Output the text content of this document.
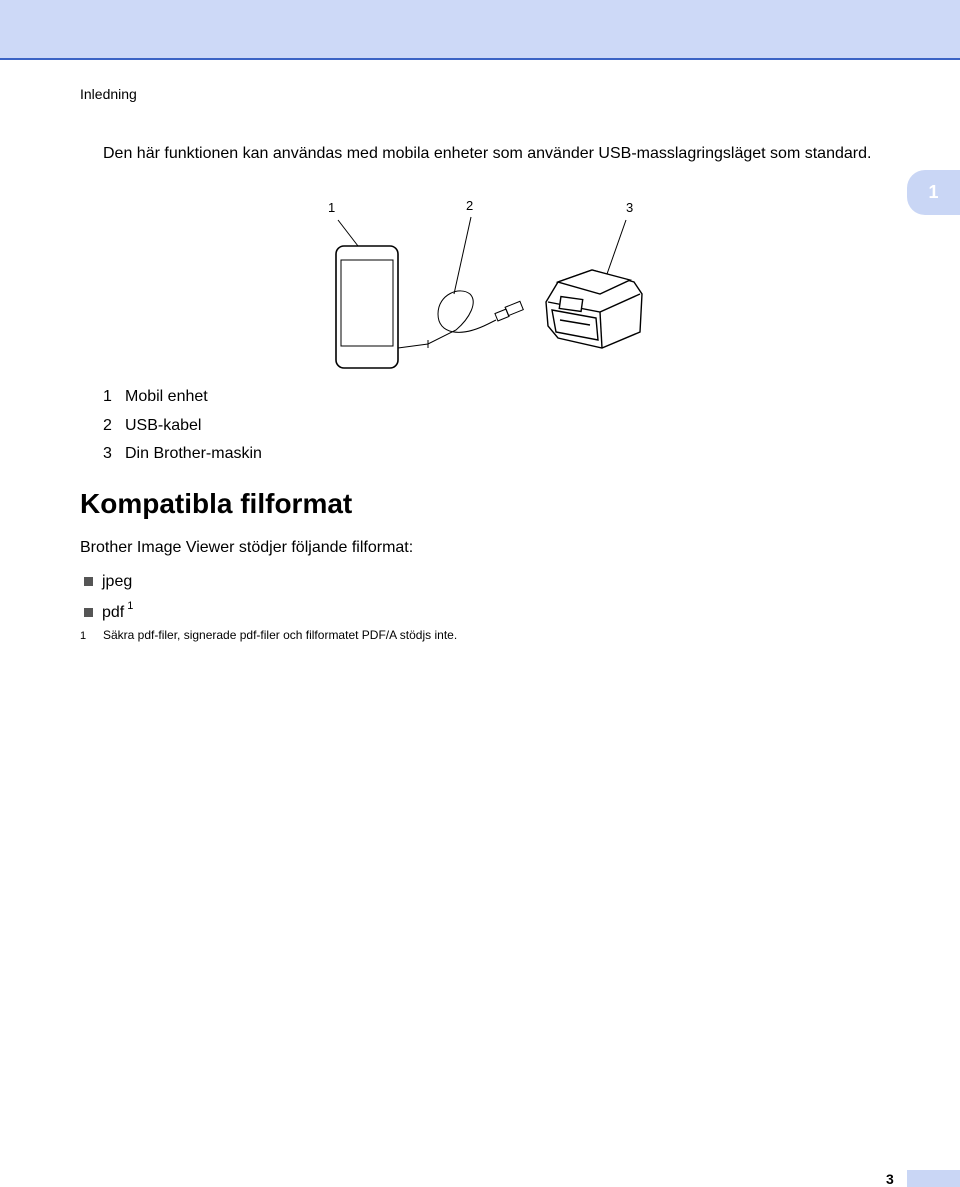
Inledning
Den här funktionen kan användas med mobila enheter som använder USB-masslagringsläget som standard.
1
1	2	3
1 Mobil enhet
2 USB-kabel
3 Din Brother-maskin
Kompatibla filformat
Brother Image Viewer stödjer följande filformat:
jpeg
pdf 1
1 Säkra pdf-filer, signerade pdf-filer och filformatet PDF/A stödjs inte.
3
